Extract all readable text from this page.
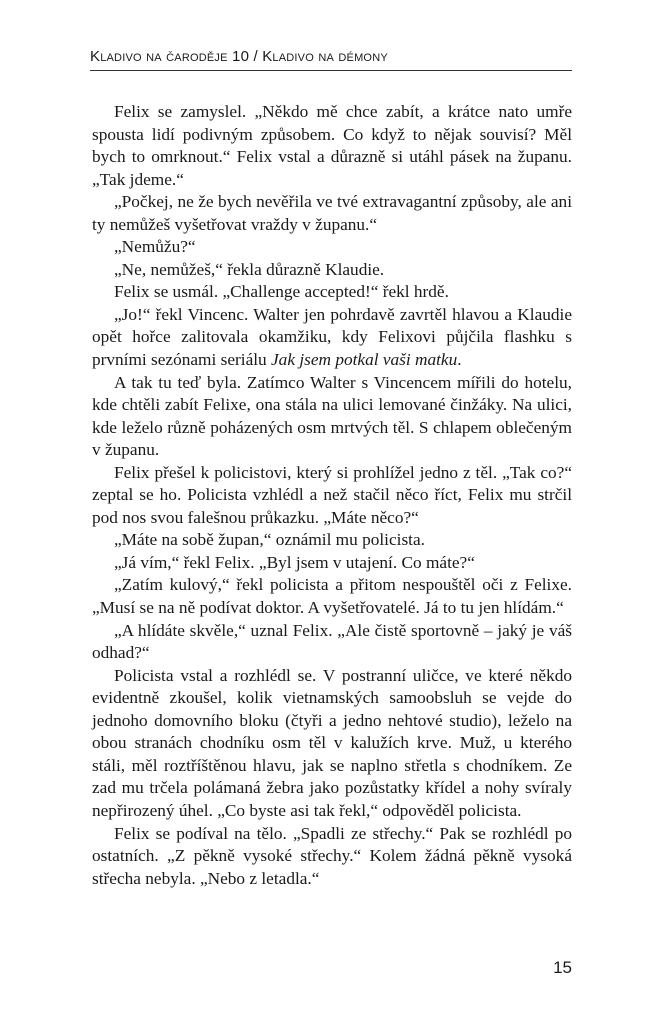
Kladivo na čaroděje 10 / Kladivo na démony

Felix se zamyslel. „Někdo mě chce zabít, a krátce nato umře spousta lidí podivným způsobem. Co když to nějak souvisí? Měl bych to omrknout.“ Felix vstal a důrazně si utáhl pásek na županu. „Tak jdeme.“

„Počkej, ne že bych nevěřila ve tvé extravagantní způsoby, ale ani ty nemůžeš vyšetřovat vraždy v županu.“

„Nemůžu?“

„Ne, nemůžeš,“ řekla důrazně Klaudie.

Felix se usmál. „Challenge accepted!“ řekl hrdě.

„Jo!“ řekl Vincenc. Walter jen pohrdavě zavrtěl hlavou a Klaudie opět hořce zalitovala okamžiku, kdy Felixovi půjčila flashku s prvními sezónami seriálu Jak jsem potkal vaši matku.

A tak tu teď byla. Zatímco Walter s Vincencem mířili do hotelu, kde chtěli zabít Felixe, ona stála na ulici lemované činžáky. Na ulici, kde leželo různě poházených osm mrtvých těl. S chlapem oblečeným v županu.

Felix přešel k policistovi, který si prohlížel jedno z těl. „Tak co?“ zeptal se ho. Policista vzhlédl a než stačil něco říct, Felix mu strčil pod nos svou falešnou průkazku. „Máte něco?“

„Máte na sobě župan,“ oznámil mu policista.

„Já vím,“ řekl Felix. „Byl jsem v utajení. Co máte?“

„Zatím kulový,“ řekl policista a přitom nespouštěl oči z Felixe. „Musí se na ně podívat doktor. A vyšetřovatelé. Já to tu jen hlídám.“

„A hlídáte skvěle,“ uznal Felix. „Ale čistě sportovně – jaký je váš odhad?“

Policista vstal a rozhlédl se. V postranní uličce, ve které někdo evidentně zkoušel, kolik vietnamských samoobsluh se vejde do jednoho domovního bloku (čtyři a jedno nehtové studio), leželo na obou stranách chodníku osm těl v kalužích krve. Muž, u kterého stáli, měl roztříštěnou hlavu, jak se naplno střetla s chodníkem. Ze zad mu trčela polámaná žebra jako pozůstatky křídel a nohy svíraly nepřirozený úhel. „Co byste asi tak řekl,“ odpověděl policista.

Felix se podíval na tělo. „Spadli ze střechy.“ Pak se rozhlédl po ostatních. „Z pěkně vysoké střechy.“ Kolem žádná pěkně vysoká střecha nebyla. „Nebo z letadla.“

15
